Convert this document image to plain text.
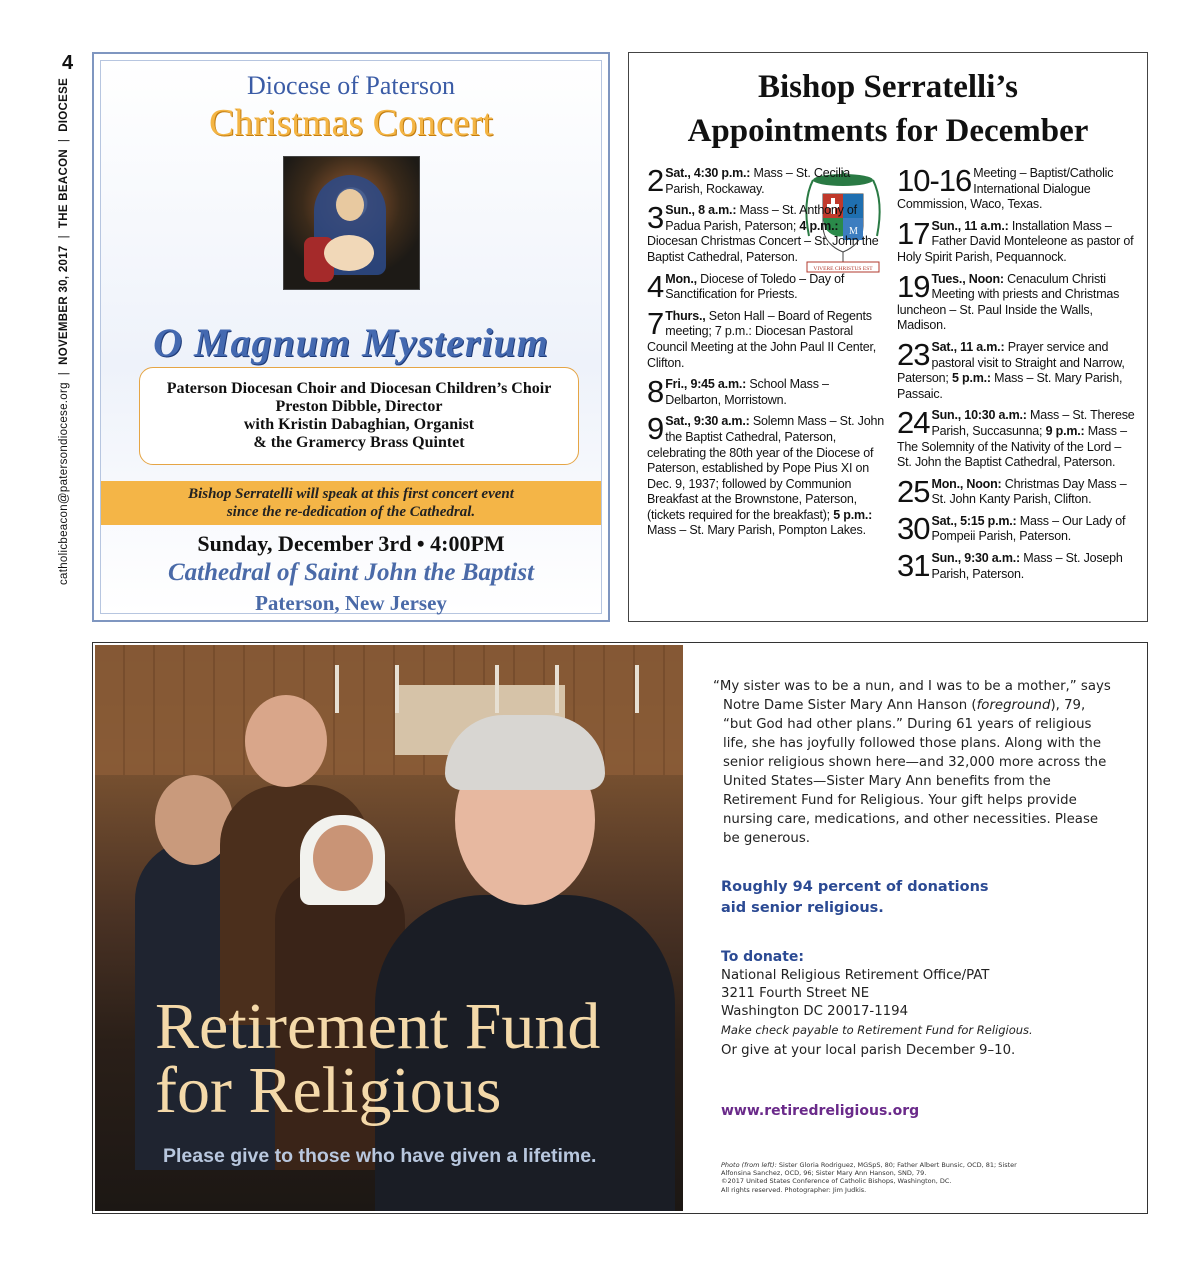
4
catholicbeacon@patersondiocese.org  |  NOVEMBER 30, 2017  |  THE BEACON  |  DIOCESE	Diocese of Paterson
Christmas Concert
O Magnum Mysterium
Paterson Diocesan Choir and Diocesan Children’s Choir
Preston Dibble, Director
with Kristin Dabaghian, Organist
& the Gramercy Brass Quintet
Bishop Serratelli will speak at this first concert event
since the re-dedication of the Cathedral.
Sunday, December 3rd • 4:00PM
Cathedral of Saint John the Baptist
Paterson, New Jersey
Bishop Serratelli’s
Appointments for December
M
VIVERE CHRISTUS EST
2 Sat., 4:30 p.m.: Mass – St. Cecilia Parish, Rockaway.
3 Sun., 8 a.m.: Mass – St. Anthony of Padua Parish, Paterson; 4 p.m.: Diocesan Christmas Concert – St. John the Baptist Cathedral, Paterson.
4 Mon., Diocese of Toledo – Day of Sanctification for Priests.
7 Thurs., Seton Hall – Board of Regents meeting; 7 p.m.: Diocesan Pastoral Council Meeting at the John Paul II Center, Clifton.
8 Fri., 9:45 a.m.: School Mass – Delbarton, Morristown.
9 Sat., 9:30 a.m.: Solemn Mass – St. John the Baptist Cathedral, Paterson, celebrating the 80th year of the Diocese of Paterson, established by Pope Pius XI on Dec. 9, 1937; followed by Communion Breakfast at the Brownstone, Paterson, (tickets required for the breakfast); 5 p.m.: Mass – St. Mary Parish, Pompton Lakes.
10-16 Meeting – Baptist/Catholic International Dialogue Commission, Waco, Texas.
17 Sun., 11 a.m.: Installation Mass – Father David Monteleone as pastor of Holy Spirit Parish, Pequannock.
19 Tues., Noon: Cenaculum Christi Meeting with priests and Christmas luncheon – St. Paul Inside the Walls, Madison.
23 Sat., 11 a.m.: Prayer service and pastoral visit to Straight and Narrow, Paterson; 5 p.m.: Mass – St. Mary Parish, Passaic.
24 Sun., 10:30 a.m.: Mass – St. Therese Parish, Succasunna; 9 p.m.: Mass – The Solemnity of the Nativity of the Lord – St. John the Baptist Cathedral, Paterson.
25 Mon., Noon: Christmas Day Mass – St. John Kanty Parish, Clifton.
30 Sat., 5:15 p.m.: Mass – Our Lady of Pompeii Parish, Paterson.
31 Sun., 9:30 a.m.: Mass – St. Joseph Parish, Paterson.
Retirement Fund
for Religious
Please give to those who have given a lifetime.
“My sister was to be a nun, and I was to be a mother,” says Notre Dame Sister Mary Ann Hanson (foreground), 79, “but God had other plans.” During 61 years of religious life, she has joyfully followed those plans. Along with the senior religious shown here—and 32,000 more across the United States—Sister Mary Ann benefits from the Retirement Fund for Religious. Your gift helps provide nursing care, medications, and other necessities. Please be generous.
Roughly 94 percent of donations
aid senior religious.
To donate:
National Religious Retirement Office/PAT
3211 Fourth Street NE
Washington DC 20017-1194
Make check payable to Retirement Fund for Religious.
Or give at your local parish December 9–10.
www.retiredreligious.org
Photo (from left): Sister Gloria Rodriguez, MGSpS, 80; Father Albert Bunsic, OCD, 81; Sister Alfonsina Sanchez, OCD, 96; Sister Mary Ann Hanson, SND, 79.
©2017 United States Conference of Catholic Bishops, Washington, DC.
All rights reserved. Photographer: Jim Judkis.
